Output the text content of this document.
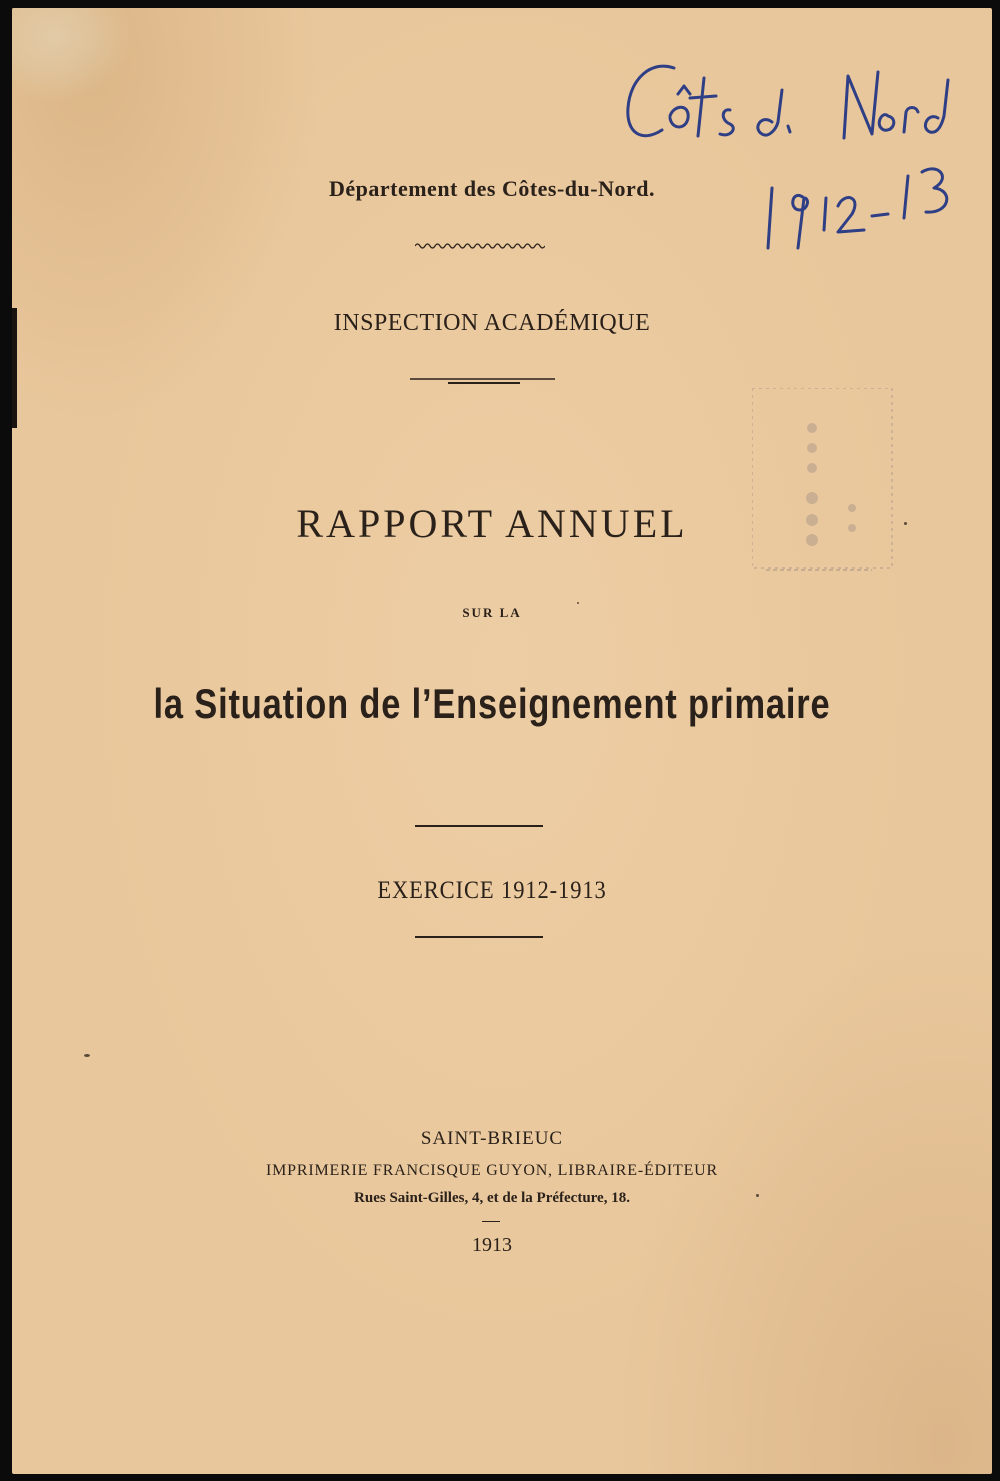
Département des Côtes-du-Nord.
INSPECTION ACADÉMIQUE
RAPPORT ANNUEL
SUR LA
la Situation de l’Enseignement primaire
EXERCICE 1912-1913
SAINT-BRIEUC
IMPRIMERIE FRANCISQUE GUYON, LIBRAIRE-ÉDITEUR
Rues Saint-Gilles, 4, et de la Préfecture, 18.
1913
